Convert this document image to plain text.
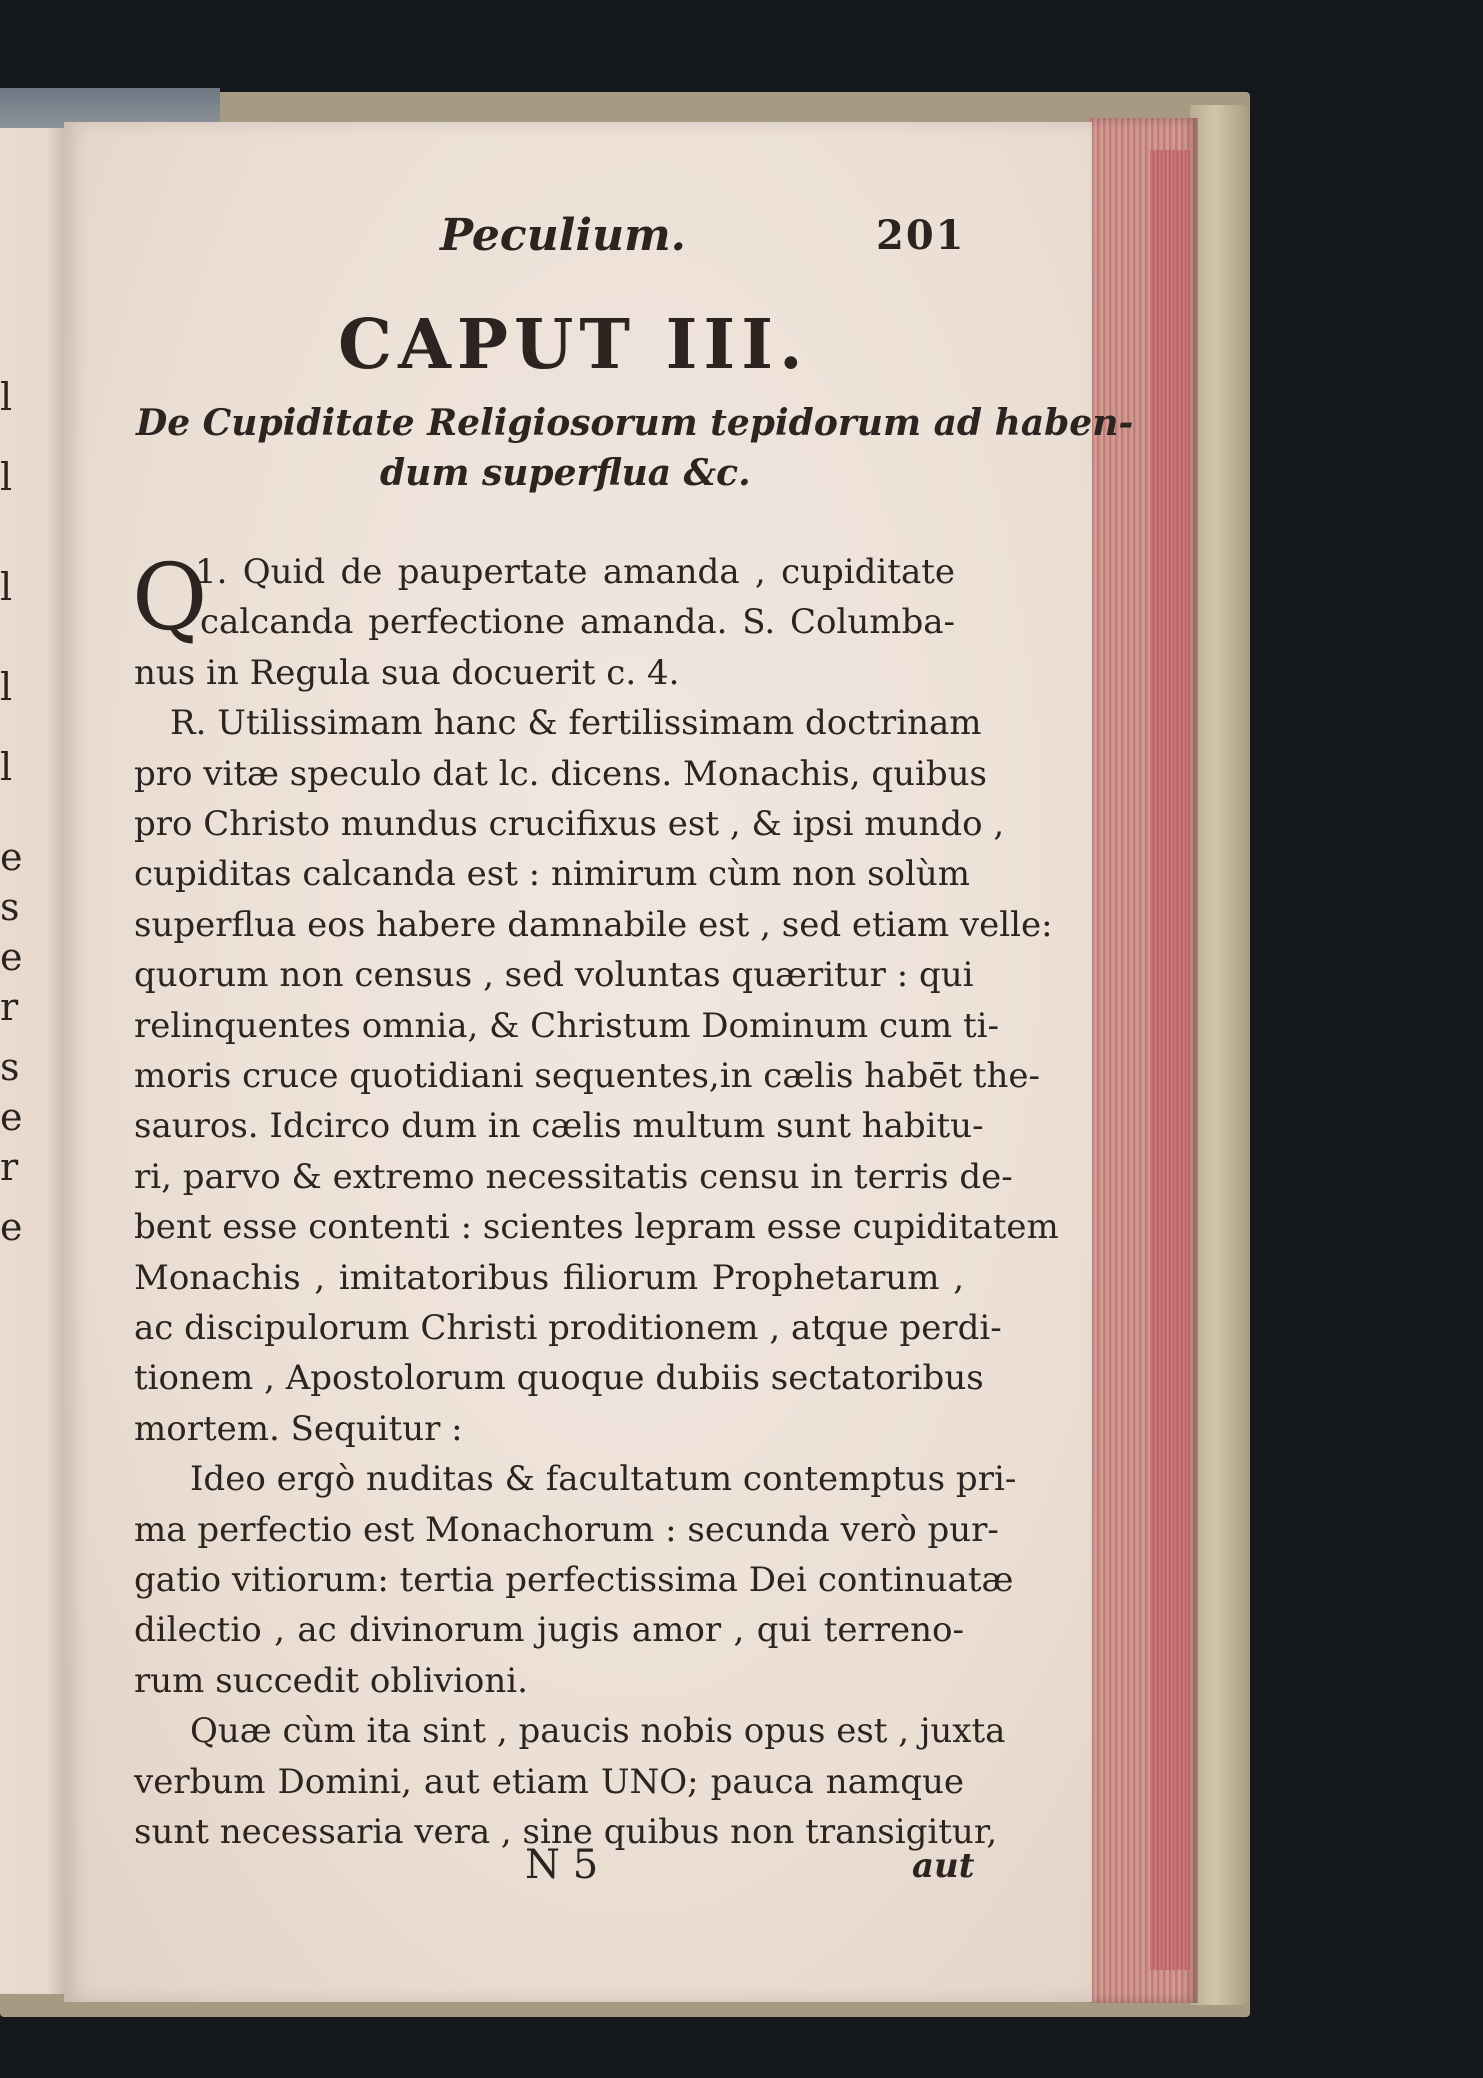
l
l
l
l
l
e
s
e
r
s
e
r
e
Peculium.	201
CAPUT III.
De Cupiditate Religiosorum tepidorum ad haben-
dum superflua &c.
Q
1. Quid de paupertate amanda , cupiditate
calcanda perfectione amanda. S. Columba-
nus in Regula sua docuerit c. 4.
R. Utilissimam hanc & fertilissimam doctrinam
pro vitæ speculo dat lc. dicens. Monachis, quibus
pro Christo mundus crucifixus est , & ipsi mundo ,
cupiditas calcanda est : nimirum cùm non solùm
superflua eos habere damnabile est , sed etiam velle:
quorum non census , sed voluntas quæritur : qui
relinquentes omnia, & Christum Dominum cum ti-
moris cruce quotidiani sequentes,in cælis habēt the-
sauros. Idcirco dum in cælis multum sunt habitu-
ri, parvo & extremo necessitatis censu in terris de-
bent esse contenti : scientes lepram esse cupiditatem
Monachis , imitatoribus filiorum Prophetarum ,
ac discipulorum Christi proditionem , atque perdi-
tionem , Apostolorum quoque dubiis sectatoribus
mortem. Sequitur :
Ideo ergò nuditas & facultatum contemptus pri-
ma perfectio est Monachorum : secunda verò pur-
gatio vitiorum: tertia perfectissima Dei continuatæ
dilectio , ac divinorum jugis amor , qui terreno-
rum succedit oblivioni.
Quæ cùm ita sint , paucis nobis opus est , juxta
verbum Domini, aut etiam UNO; pauca namque
sunt necessaria vera , sine quibus non transigitur,
N 5	aut
